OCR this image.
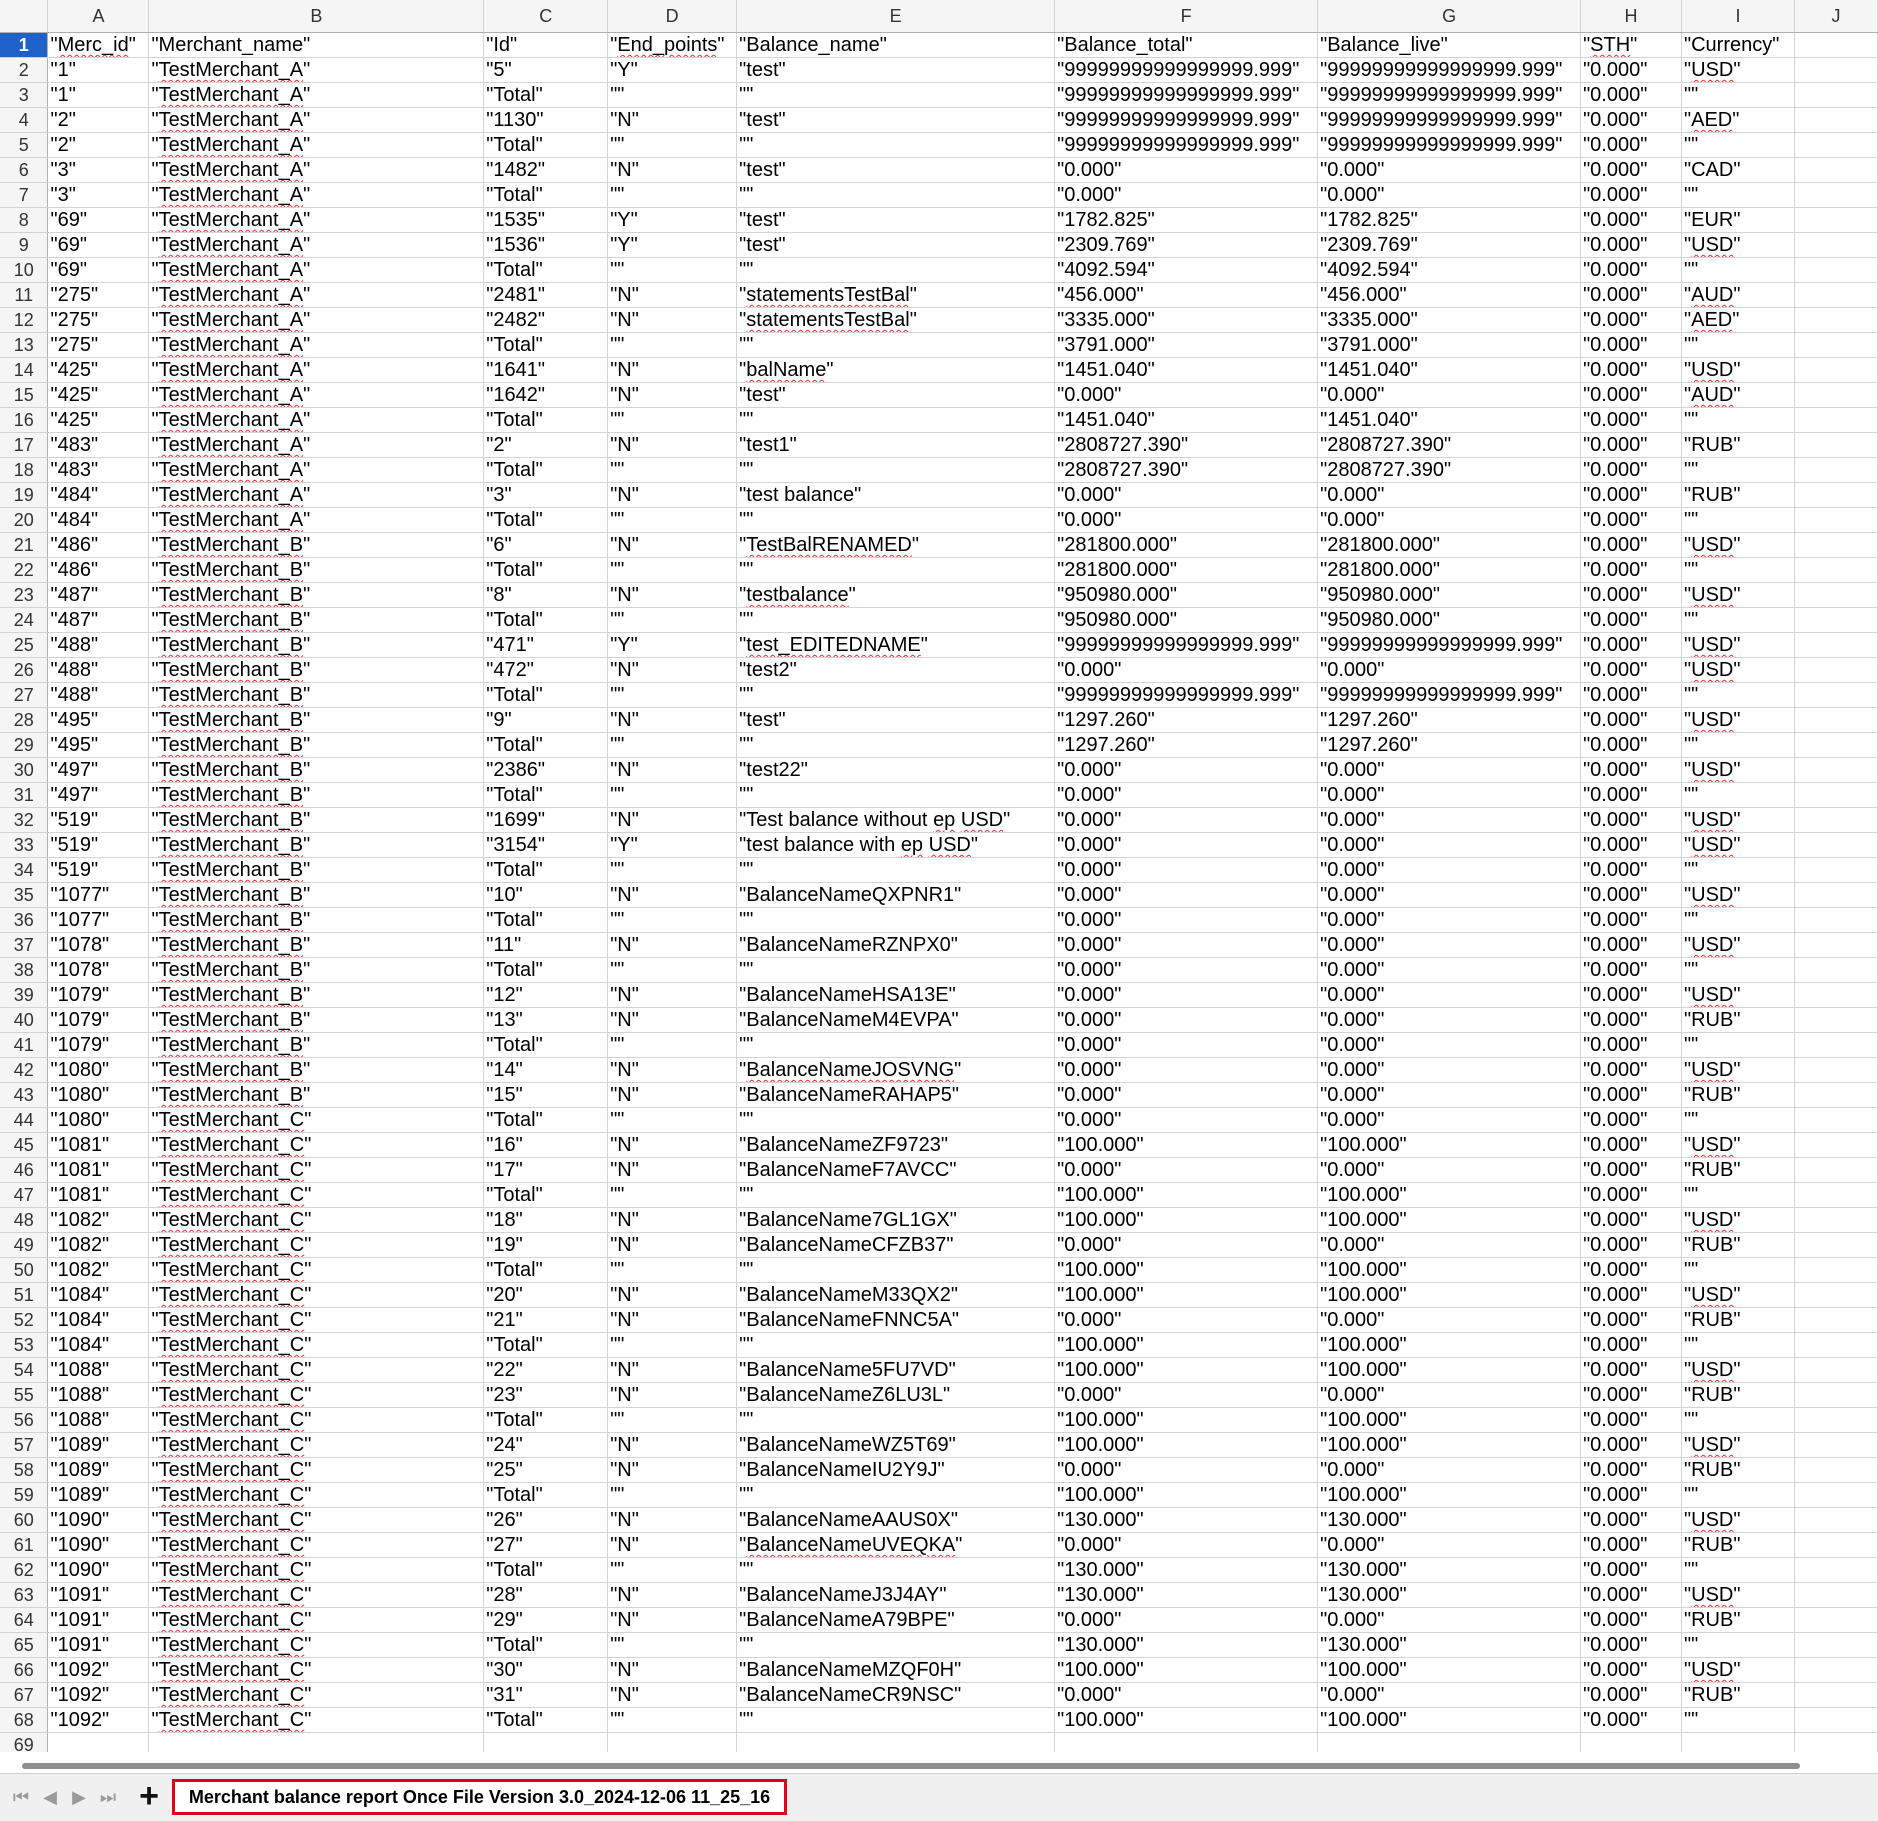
	A	B	C	D	E	F	G	H	I	J
1	"Merc_id"	"Merchant_name"	"Id"	"End_points"	"Balance_name"	"Balance_total"	"Balance_live"	"STH"	"Currency"	
2	"1"	"TestMerchant_A"	"5"	"Y"	"test"	"99999999999999999.999"	"99999999999999999.999"	"0.000"	"USD"	
3	"1"	"TestMerchant_A"	"Total"	""	""	"99999999999999999.999"	"99999999999999999.999"	"0.000"	""	
4	"2"	"TestMerchant_A"	"1130"	"N"	"test"	"99999999999999999.999"	"99999999999999999.999"	"0.000"	"AED"	
5	"2"	"TestMerchant_A"	"Total"	""	""	"99999999999999999.999"	"99999999999999999.999"	"0.000"	""	
6	"3"	"TestMerchant_A"	"1482"	"N"	"test"	"0.000"	"0.000"	"0.000"	"CAD"	
7	"3"	"TestMerchant_A"	"Total"	""	""	"0.000"	"0.000"	"0.000"	""	
8	"69"	"TestMerchant_A"	"1535"	"Y"	"test"	"1782.825"	"1782.825"	"0.000"	"EUR"	
9	"69"	"TestMerchant_A"	"1536"	"Y"	"test"	"2309.769"	"2309.769"	"0.000"	"USD"	
10	"69"	"TestMerchant_A"	"Total"	""	""	"4092.594"	"4092.594"	"0.000"	""	
11	"275"	"TestMerchant_A"	"2481"	"N"	"statementsTestBal"	"456.000"	"456.000"	"0.000"	"AUD"	
12	"275"	"TestMerchant_A"	"2482"	"N"	"statementsTestBal"	"3335.000"	"3335.000"	"0.000"	"AED"	
13	"275"	"TestMerchant_A"	"Total"	""	""	"3791.000"	"3791.000"	"0.000"	""	
14	"425"	"TestMerchant_A"	"1641"	"N"	"balName"	"1451.040"	"1451.040"	"0.000"	"USD"	
15	"425"	"TestMerchant_A"	"1642"	"N"	"test"	"0.000"	"0.000"	"0.000"	"AUD"	
16	"425"	"TestMerchant_A"	"Total"	""	""	"1451.040"	"1451.040"	"0.000"	""	
17	"483"	"TestMerchant_A"	"2"	"N"	"test1"	"2808727.390"	"2808727.390"	"0.000"	"RUB"	
18	"483"	"TestMerchant_A"	"Total"	""	""	"2808727.390"	"2808727.390"	"0.000"	""	
19	"484"	"TestMerchant_A"	"3"	"N"	"test balance"	"0.000"	"0.000"	"0.000"	"RUB"	
20	"484"	"TestMerchant_A"	"Total"	""	""	"0.000"	"0.000"	"0.000"	""	
21	"486"	"TestMerchant_B"	"6"	"N"	"TestBalRENAMED"	"281800.000"	"281800.000"	"0.000"	"USD"	
22	"486"	"TestMerchant_B"	"Total"	""	""	"281800.000"	"281800.000"	"0.000"	""	
23	"487"	"TestMerchant_B"	"8"	"N"	"testbalance"	"950980.000"	"950980.000"	"0.000"	"USD"	
24	"487"	"TestMerchant_B"	"Total"	""	""	"950980.000"	"950980.000"	"0.000"	""	
25	"488"	"TestMerchant_B"	"471"	"Y"	"test_EDITEDNAME"	"99999999999999999.999"	"99999999999999999.999"	"0.000"	"USD"	
26	"488"	"TestMerchant_B"	"472"	"N"	"test2"	"0.000"	"0.000"	"0.000"	"USD"	
27	"488"	"TestMerchant_B"	"Total"	""	""	"99999999999999999.999"	"99999999999999999.999"	"0.000"	""	
28	"495"	"TestMerchant_B"	"9"	"N"	"test"	"1297.260"	"1297.260"	"0.000"	"USD"	
29	"495"	"TestMerchant_B"	"Total"	""	""	"1297.260"	"1297.260"	"0.000"	""	
30	"497"	"TestMerchant_B"	"2386"	"N"	"test22"	"0.000"	"0.000"	"0.000"	"USD"	
31	"497"	"TestMerchant_B"	"Total"	""	""	"0.000"	"0.000"	"0.000"	""	
32	"519"	"TestMerchant_B"	"1699"	"N"	"Test balance without ep USD"	"0.000"	"0.000"	"0.000"	"USD"	
33	"519"	"TestMerchant_B"	"3154"	"Y"	"test balance with ep USD"	"0.000"	"0.000"	"0.000"	"USD"	
34	"519"	"TestMerchant_B"	"Total"	""	""	"0.000"	"0.000"	"0.000"	""	
35	"1077"	"TestMerchant_B"	"10"	"N"	"BalanceNameQXPNR1"	"0.000"	"0.000"	"0.000"	"USD"	
36	"1077"	"TestMerchant_B"	"Total"	""	""	"0.000"	"0.000"	"0.000"	""	
37	"1078"	"TestMerchant_B"	"11"	"N"	"BalanceNameRZNPX0"	"0.000"	"0.000"	"0.000"	"USD"	
38	"1078"	"TestMerchant_B"	"Total"	""	""	"0.000"	"0.000"	"0.000"	""	
39	"1079"	"TestMerchant_B"	"12"	"N"	"BalanceNameHSA13E"	"0.000"	"0.000"	"0.000"	"USD"	
40	"1079"	"TestMerchant_B"	"13"	"N"	"BalanceNameM4EVPA"	"0.000"	"0.000"	"0.000"	"RUB"	
41	"1079"	"TestMerchant_B"	"Total"	""	""	"0.000"	"0.000"	"0.000"	""	
42	"1080"	"TestMerchant_B"	"14"	"N"	"BalanceNameJOSVNG"	"0.000"	"0.000"	"0.000"	"USD"	
43	"1080"	"TestMerchant_B"	"15"	"N"	"BalanceNameRAHAP5"	"0.000"	"0.000"	"0.000"	"RUB"	
44	"1080"	"TestMerchant_C"	"Total"	""	""	"0.000"	"0.000"	"0.000"	""	
45	"1081"	"TestMerchant_C"	"16"	"N"	"BalanceNameZF9723"	"100.000"	"100.000"	"0.000"	"USD"	
46	"1081"	"TestMerchant_C"	"17"	"N"	"BalanceNameF7AVCC"	"0.000"	"0.000"	"0.000"	"RUB"	
47	"1081"	"TestMerchant_C"	"Total"	""	""	"100.000"	"100.000"	"0.000"	""	
48	"1082"	"TestMerchant_C"	"18"	"N"	"BalanceName7GL1GX"	"100.000"	"100.000"	"0.000"	"USD"	
49	"1082"	"TestMerchant_C"	"19"	"N"	"BalanceNameCFZB37"	"0.000"	"0.000"	"0.000"	"RUB"	
50	"1082"	"TestMerchant_C"	"Total"	""	""	"100.000"	"100.000"	"0.000"	""	
51	"1084"	"TestMerchant_C"	"20"	"N"	"BalanceNameM33QX2"	"100.000"	"100.000"	"0.000"	"USD"	
52	"1084"	"TestMerchant_C"	"21"	"N"	"BalanceNameFNNC5A"	"0.000"	"0.000"	"0.000"	"RUB"	
53	"1084"	"TestMerchant_C"	"Total"	""	""	"100.000"	"100.000"	"0.000"	""	
54	"1088"	"TestMerchant_C"	"22"	"N"	"BalanceName5FU7VD"	"100.000"	"100.000"	"0.000"	"USD"	
55	"1088"	"TestMerchant_C"	"23"	"N"	"BalanceNameZ6LU3L"	"0.000"	"0.000"	"0.000"	"RUB"	
56	"1088"	"TestMerchant_C"	"Total"	""	""	"100.000"	"100.000"	"0.000"	""	
57	"1089"	"TestMerchant_C"	"24"	"N"	"BalanceNameWZ5T69"	"100.000"	"100.000"	"0.000"	"USD"	
58	"1089"	"TestMerchant_C"	"25"	"N"	"BalanceNameIU2Y9J"	"0.000"	"0.000"	"0.000"	"RUB"	
59	"1089"	"TestMerchant_C"	"Total"	""	""	"100.000"	"100.000"	"0.000"	""	
60	"1090"	"TestMerchant_C"	"26"	"N"	"BalanceNameAAUS0X"	"130.000"	"130.000"	"0.000"	"USD"	
61	"1090"	"TestMerchant_C"	"27"	"N"	"BalanceNameUVEQKA"	"0.000"	"0.000"	"0.000"	"RUB"	
62	"1090"	"TestMerchant_C"	"Total"	""	""	"130.000"	"130.000"	"0.000"	""	
63	"1091"	"TestMerchant_C"	"28"	"N"	"BalanceNameJ3J4AY"	"130.000"	"130.000"	"0.000"	"USD"	
64	"1091"	"TestMerchant_C"	"29"	"N"	"BalanceNameA79BPE"	"0.000"	"0.000"	"0.000"	"RUB"	
65	"1091"	"TestMerchant_C"	"Total"	""	""	"130.000"	"130.000"	"0.000"	""	
66	"1092"	"TestMerchant_C"	"30"	"N"	"BalanceNameMZQF0H"	"100.000"	"100.000"	"0.000"	"USD"	
67	"1092"	"TestMerchant_C"	"31"	"N"	"BalanceNameCR9NSC"	"0.000"	"0.000"	"0.000"	"RUB"	
68	"1092"	"TestMerchant_C"	"Total"	""	""	"100.000"	"100.000"	"0.000"	""	
69										
⏮ ◀ ▶ ⏭ +	Merchant balance report Once File Version 3.0_2024-12-06 11_25_16
